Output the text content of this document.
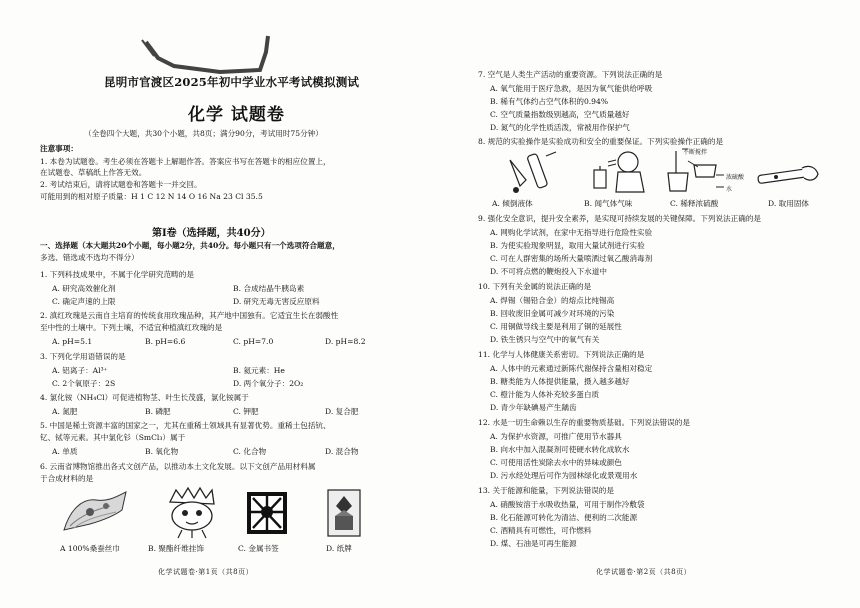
昆明市官渡区2025年初中学业水平考试模拟测试
化学 试题卷
（全卷四个大题，共30个小题，共8页；满分90分，考试用时75分钟）
注意事项：
1. 本卷为试题卷。考生必须在答题卡上解题作答。答案应书写在答题卡的相应位置上，
在试题卷、草稿纸上作答无效。
2. 考试结束后，请将试题卷和答题卡一并交回。
可能用到的相对原子质量：H 1 C 12 N 14 O 16 Na 23 Cl 35.5
第Ⅰ卷（选择题，共40分）
一、选择题（本大题共20个小题，每小题2分，共40分。每小题只有一个选项符合题意，
多选、错选或不选均不得分）
1. 下列科技成果中，不属于化学研究范畴的是
A. 研究高效催化剂	B. 合成结晶牛胰岛素
C. 确定声速的上限	D. 研究无毒无害反应原料
2. 滇红玫瑰是云南自主培育的传统食用玫瑰品种，其产地中国独有。它适宜生长在弱酸性
至中性的土壤中。下列土壤，不适宜种植滇红玫瑰的是
A. pH=5.1	B. pH=6.6	C. pH=7.0	D. pH=8.2
3. 下列化学用语错误的是
A. 铝离子：Al³⁺	B. 氦元素：He
C. 2个氧原子：2S	D. 两个氧分子：2O₂
4. 氯化铵（NH₄Cl）可促进植物茎、叶生长茂盛，氯化铵属于
A. 氮肥	B. 磷肥	C. 钾肥	D. 复合肥
5. 中国是稀土资源丰富的国家之一，尤其在重稀土领域具有显著优势。重稀土包括钪、
钇、铽等元素。其中氯化钐（SmCl₃）属于
A. 单质	B. 氧化物	C. 化合物	D. 混合物
6. 云南省博物馆推出各式文创产品，以推动本土文化发展。以下文创产品用材料属
于合成材料的是
A 100%桑蚕丝巾	B. 聚酯纤维挂饰	C. 金属书签	D. 纸牌
化学试题卷·第1页（共8页）
7. 空气是人类生产活动的重要资源。下列说法正确的是
A. 氧气能用于医疗急救，是因为氧气能供给呼吸
B. 稀有气体约占空气体积的0.94%
C. 空气质量指数级别越高，空气质量越好
D. 氮气的化学性质活泼，常被用作保护气
8. 规范的实验操作是实验成功和安全的重要保证。下列实验操作正确的是
不断搅拌
浓硫酸
水
A. 倾倒液体	B. 闻气体气味	C. 稀释浓硫酸	D. 取用固体
9. 强化安全意识，提升安全素养，是实现可持续发展的关键保障。下列说法正确的是
A. 网购化学试剂，在家中无指导进行危险性实验
B. 为使实验现象明显，取用大量试剂进行实验
C. 可在人群密集的场所大量喷洒过氧乙酸消毒剂
D. 不可将点燃的鞭炮投入下水道中
10. 下列有关金属的说法正确的是
A. 焊锡（锡铅合金）的熔点比纯锡高
B. 回收废旧金属可减少对环境的污染
C. 用铜做导线主要是利用了铜的延展性
D. 铁生锈只与空气中的氧气有关
11. 化学与人体健康关系密切。下列说法正确的是
A. 人体中的元素通过新陈代谢保持含量相对稳定
B. 糖类能为人体提供能量，摄入越多越好
C. 橙汁能为人体补充较多蛋白质
D. 青少年缺碘易产生龋齿
12. 水是一切生命赖以生存的重要物质基础。下列说法错误的是
A. 为保护水资源，可推广使用节水器具
B. 向水中加入混凝剂可使硬水转化成软水
C. 可使用活性炭除去水中的异味或颜色
D. 污水经处理后可作为园林绿化或景观用水
13. 关于能源和能量，下列说法错误的是
A. 硝酸铵溶于水吸收热量，可用于制作冷敷袋
B. 化石能源可转化为清洁、便利的二次能源
C. 酒精具有可燃性，可作燃料
D. 煤、石油是可再生能源
化学试题卷·第2页（共8页）
